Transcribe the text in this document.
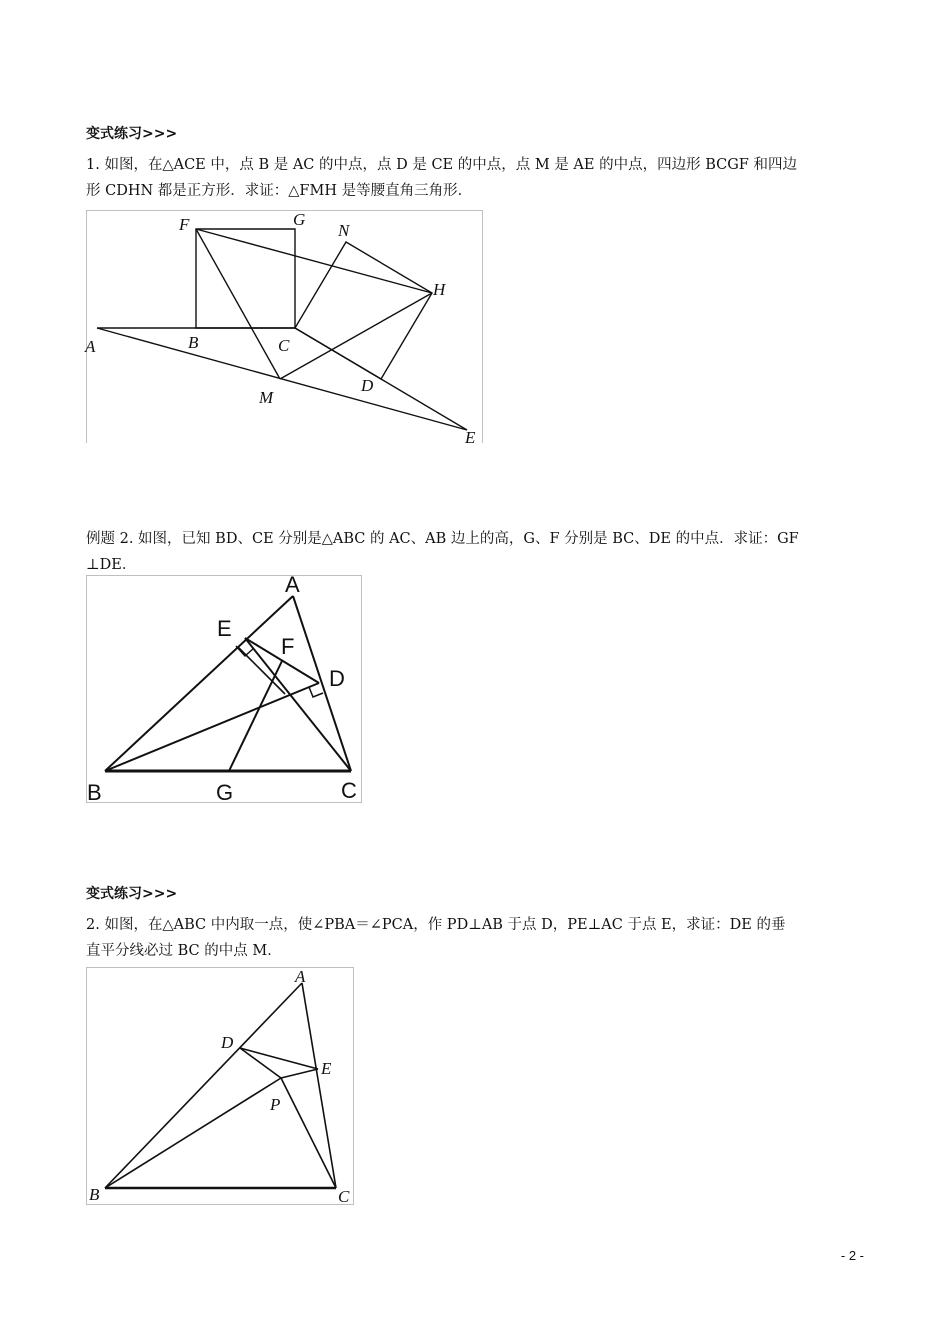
变式练习>>>
1. 如图，在△ACE 中，点 B 是 AC 的中点，点 D 是 CE 的中点，点 M 是 AE 的中点，四边形 BCGF 和四边
形 CDHN 都是正方形．求证：△FMH 是等腰直角三角形．
A	B	C
D
E
F	G
H
M
N
例题 2. 如图，已知 BD、CE 分别是△ABC 的 AC、AB 边上的高，G、F 分别是 BC、DE 的中点．求证：GF
⊥DE．
A
B	C
D
E
F
G
变式练习>>>
2. 如图，在△ABC 中内取一点，使∠PBA＝∠PCA，作 PD⊥AB 于点 D，PE⊥AC 于点 E，求证：DE 的垂
直平分线必过 BC 的中点 M．
A
B	C
D
E
P
- 2 -
